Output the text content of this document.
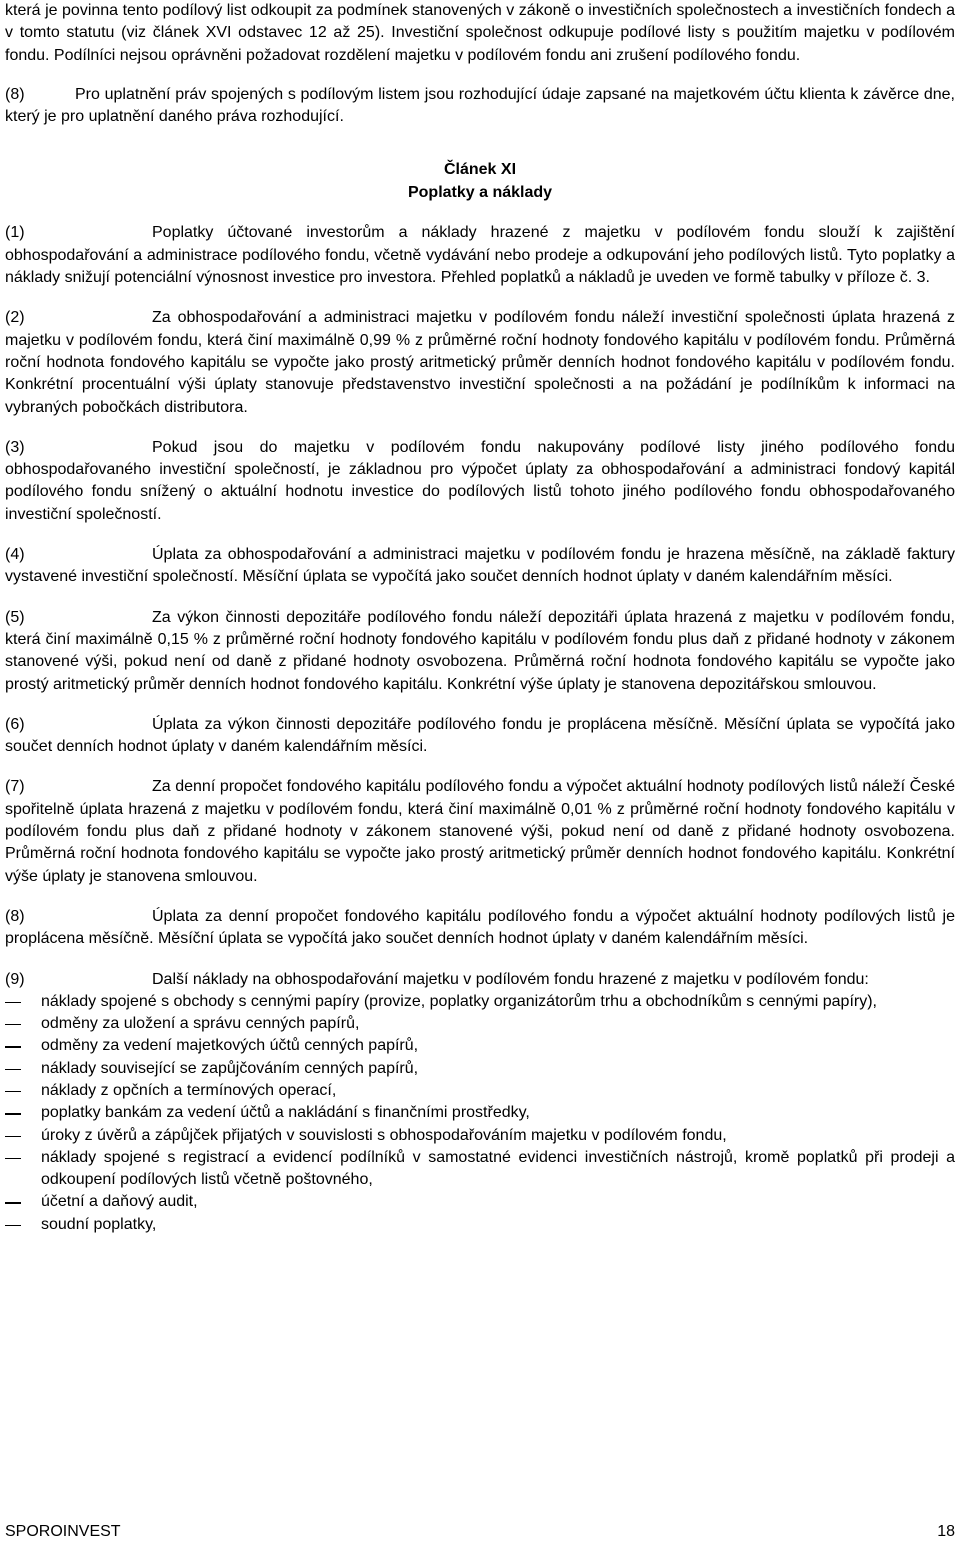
která je povinna tento podílový list odkoupit za podmínek stanovených v zákoně o investičních společnostech a investičních fondech a v tomto statutu (viz článek XVI odstavec 12 až 25). Investiční společnost odkupuje podílové listy s použitím majetku v podílovém fondu. Podílníci nejsou oprávněni požadovat rozdělení majetku v podílovém fondu ani zrušení podílového fondu.

(8)	Pro uplatnění práv spojených s podílovým listem jsou rozhodující údaje zapsané na majetkovém účtu klienta k závěrce dne, který je pro uplatnění daného práva rozhodující.

Článek XI
Poplatky a náklady

(1)	Poplatky účtované investorům a náklady hrazené z majetku v podílovém fondu slouží k zajištění obhospodařování a administrace podílového fondu, včetně vydávání nebo prodeje a odkupování jeho podílových listů. Tyto poplatky a náklady snižují potenciální výnosnost investice pro investora. Přehled poplatků a nákladů je uveden ve formě tabulky v příloze č. 3.

(2)	Za obhospodařování a administraci majetku v podílovém fondu náleží investiční společnosti úplata hrazená z majetku v podílovém fondu, která činí maximálně 0,99 % z průměrné roční hodnoty fondového kapitálu v podílovém fondu. Průměrná roční hodnota fondového kapitálu se vypočte jako prostý aritmetický průměr denních hodnot fondového kapitálu v podílovém fondu. Konkrétní procentuální výši úplaty stanovuje představenstvo investiční společnosti a na požádání je podílníkům k informaci na vybraných pobočkách distributora.

(3)	Pokud jsou do majetku v podílovém fondu nakupovány podílové listy jiného podílového fondu obhospodařovaného investiční společností, je základnou pro výpočet úplaty za obhospodařování a administraci fondový kapitál podílového fondu snížený o aktuální hodnotu investice do podílových listů tohoto jiného podílového fondu obhospodařovaného investiční společností.

(4)	Úplata za obhospodařování a administraci majetku v podílovém fondu je hrazena měsíčně, na základě faktury vystavené investiční společností. Měsíční úplata se vypočítá jako součet denních hodnot úplaty v daném kalendářním měsíci.

(5)	Za výkon činnosti depozitáře podílového fondu náleží depozitáři úplata hrazená z majetku v podílovém fondu, která činí maximálně 0,15 % z průměrné roční hodnoty fondového kapitálu v podílovém fondu plus daň z přidané hodnoty v zákonem stanovené výši, pokud není od daně z přidané hodnoty osvobozena. Průměrná roční hodnota fondového kapitálu se vypočte jako prostý aritmetický průměr denních hodnot fondového kapitálu. Konkrétní výše úplaty je stanovena depozitářskou smlouvou.

(6)	Úplata za výkon činnosti depozitáře podílového fondu je proplácena měsíčně. Měsíční úplata se vypočítá jako součet denních hodnot úplaty v daném kalendářním měsíci.

(7)	Za denní propočet fondového kapitálu podílového fondu a výpočet aktuální hodnoty podílových listů náleží České spořitelně úplata hrazená z majetku v podílovém fondu, která činí maximálně 0,01 % z průměrné roční hodnoty fondového kapitálu v podílovém fondu plus daň z přidané hodnoty v zákonem stanovené výši, pokud není od daně z přidané hodnoty osvobozena. Průměrná roční hodnota fondového kapitálu se vypočte jako prostý aritmetický průměr denních hodnot fondového kapitálu. Konkrétní výše úplaty je stanovena smlouvou.

(8)	Úplata za denní propočet fondového kapitálu podílového fondu a výpočet aktuální hodnoty podílových listů je proplácena měsíčně. Měsíční úplata se vypočítá jako součet denních hodnot úplaty v daném kalendářním měsíci.

(9)	Další náklady na obhospodařování majetku v podílovém fondu hrazené z majetku v podílovém fondu:

náklady spojené s obchody s cennými papíry (provize, poplatky organizátorům trhu a obchodníkům s cennými papíry),
odměny za uložení a správu cenných papírů,
odměny za vedení majetkových účtů cenných papírů,
náklady související se zapůjčováním cenných papírů,
náklady z opčních a termínových operací,
poplatky bankám za vedení účtů a nakládání s finančními prostředky,
úroky z úvěrů a zápůjček přijatých v souvislosti s obhospodařováním majetku v podílovém fondu,
náklady spojené s registrací a evidencí podílníků v samostatné evidenci investičních nástrojů, kromě poplatků při prodeji a odkoupení podílových listů včetně poštovného,
účetní a daňový audit,
soudní poplatky,
SPOROINVEST	18
